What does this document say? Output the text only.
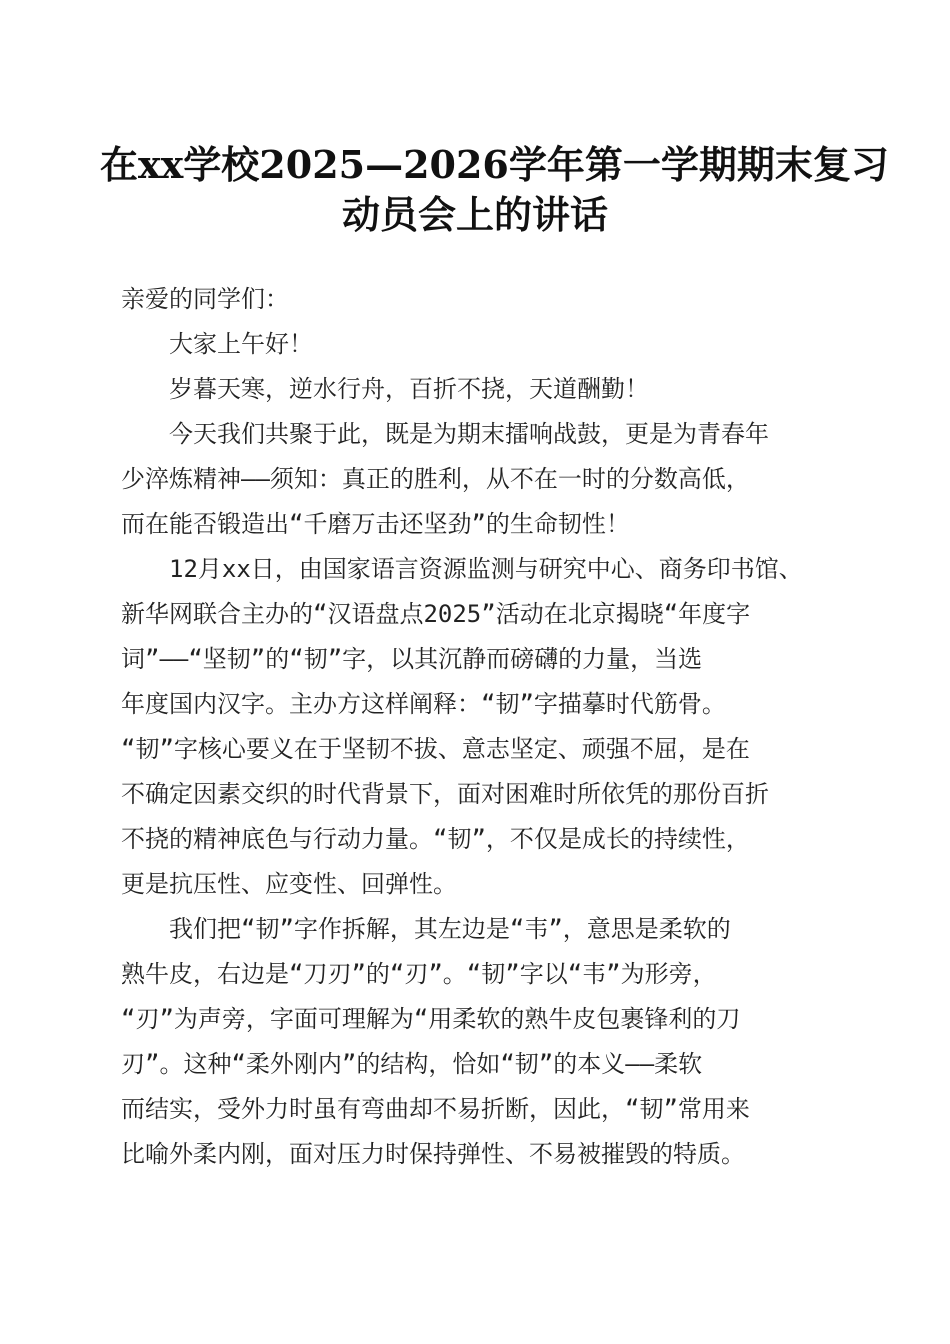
在xx学校2025—2026学年第一学期期末复习
动员会上的讲话
亲爱的同学们：
大家上午好！
岁暮天寒，逆水行舟，百折不挠，天道酬勤！
今天我们共聚于此，既是为期末擂响战鼓，更是为青春年
少淬炼精神——须知：真正的胜利，从不在一时的分数高低，
而在能否锻造出“千磨万击还坚劲”的生命韧性！
12月xx日，由国家语言资源监测与研究中心、商务印书馆、
新华网联合主办的“汉语盘点2025”活动在北京揭晓“年度字
词”——“坚韧”的“韧”字，以其沉静而磅礴的力量，当选
年度国内汉字。主办方这样阐释：“韧”字描摹时代筋骨。
“韧”字核心要义在于坚韧不拔、意志坚定、顽强不屈，是在
不确定因素交织的时代背景下，面对困难时所依凭的那份百折
不挠的精神底色与行动力量。“韧”，不仅是成长的持续性，
更是抗压性、应变性、回弹性。
我们把“韧”字作拆解，其左边是“韦”，意思是柔软的
熟牛皮，右边是“刀刃”的“刃”。“韧”字以“韦”为形旁，
“刃”为声旁，字面可理解为“用柔软的熟牛皮包裹锋利的刀
刃”。这种“柔外刚内”的结构，恰如“韧”的本义——柔软
而结实，受外力时虽有弯曲却不易折断，因此，“韧”常用来
比喻外柔内刚，面对压力时保持弹性、不易被摧毁的特质。
